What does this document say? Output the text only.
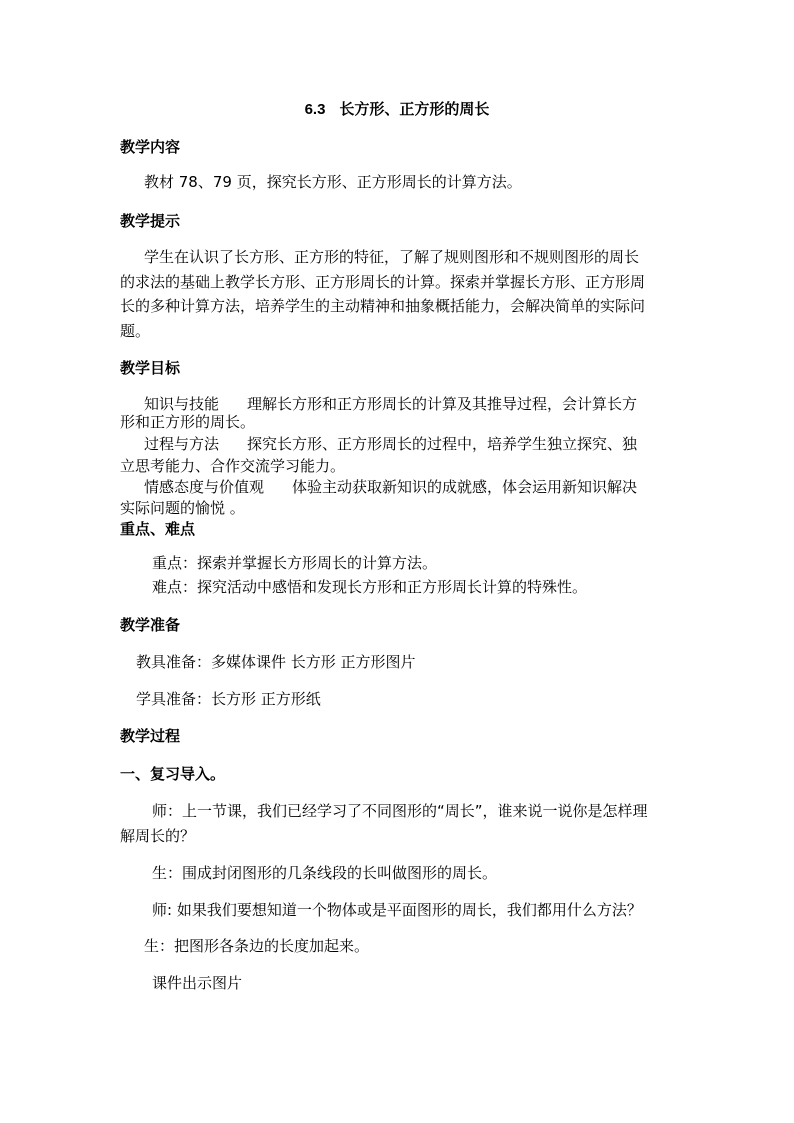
6.3 长方形、正方形的周长

教学内容

教材 78、79 页，探究长方形、正方形周长的计算方法。

教学提示

学生在认识了长方形、正方形的特征，了解了规则图形和不规则图形的周长

的求法的基础上教学长方形、正方形周长的计算。探索并掌握长方形、正方形周

长的多种计算方法，培养学生的主动精神和抽象概括能力，会解决简单的实际问

题。

教学目标

知识与技能 理解长方形和正方形周长的计算及其推导过程，会计算长方

形和正方形的周长。

过程与方法 探究长方形、正方形周长的过程中，培养学生独立探究、独

立思考能力、合作交流学习能力。

情感态度与价值观 体验主动获取新知识的成就感，体会运用新知识解决

实际问题的愉悦 。

重点、难点

重点：探索并掌握长方形周长的计算方法。

难点：探究活动中感悟和发现长方形和正方形周长计算的特殊性。

教学准备

教具准备：多媒体课件 长方形 正方形图片

学具准备：长方形 正方形纸

教学过程

一、复习导入。

师：上一节课，我们已经学习了不同图形的“周长”，谁来说一说你是怎样理

解周长的？

生：围成封闭图形的几条线段的长叫做图形的周长。

师: 如果我们要想知道一个物体或是平面图形的周长，我们都用什么方法？

生：把图形各条边的长度加起来。

课件出示图片
